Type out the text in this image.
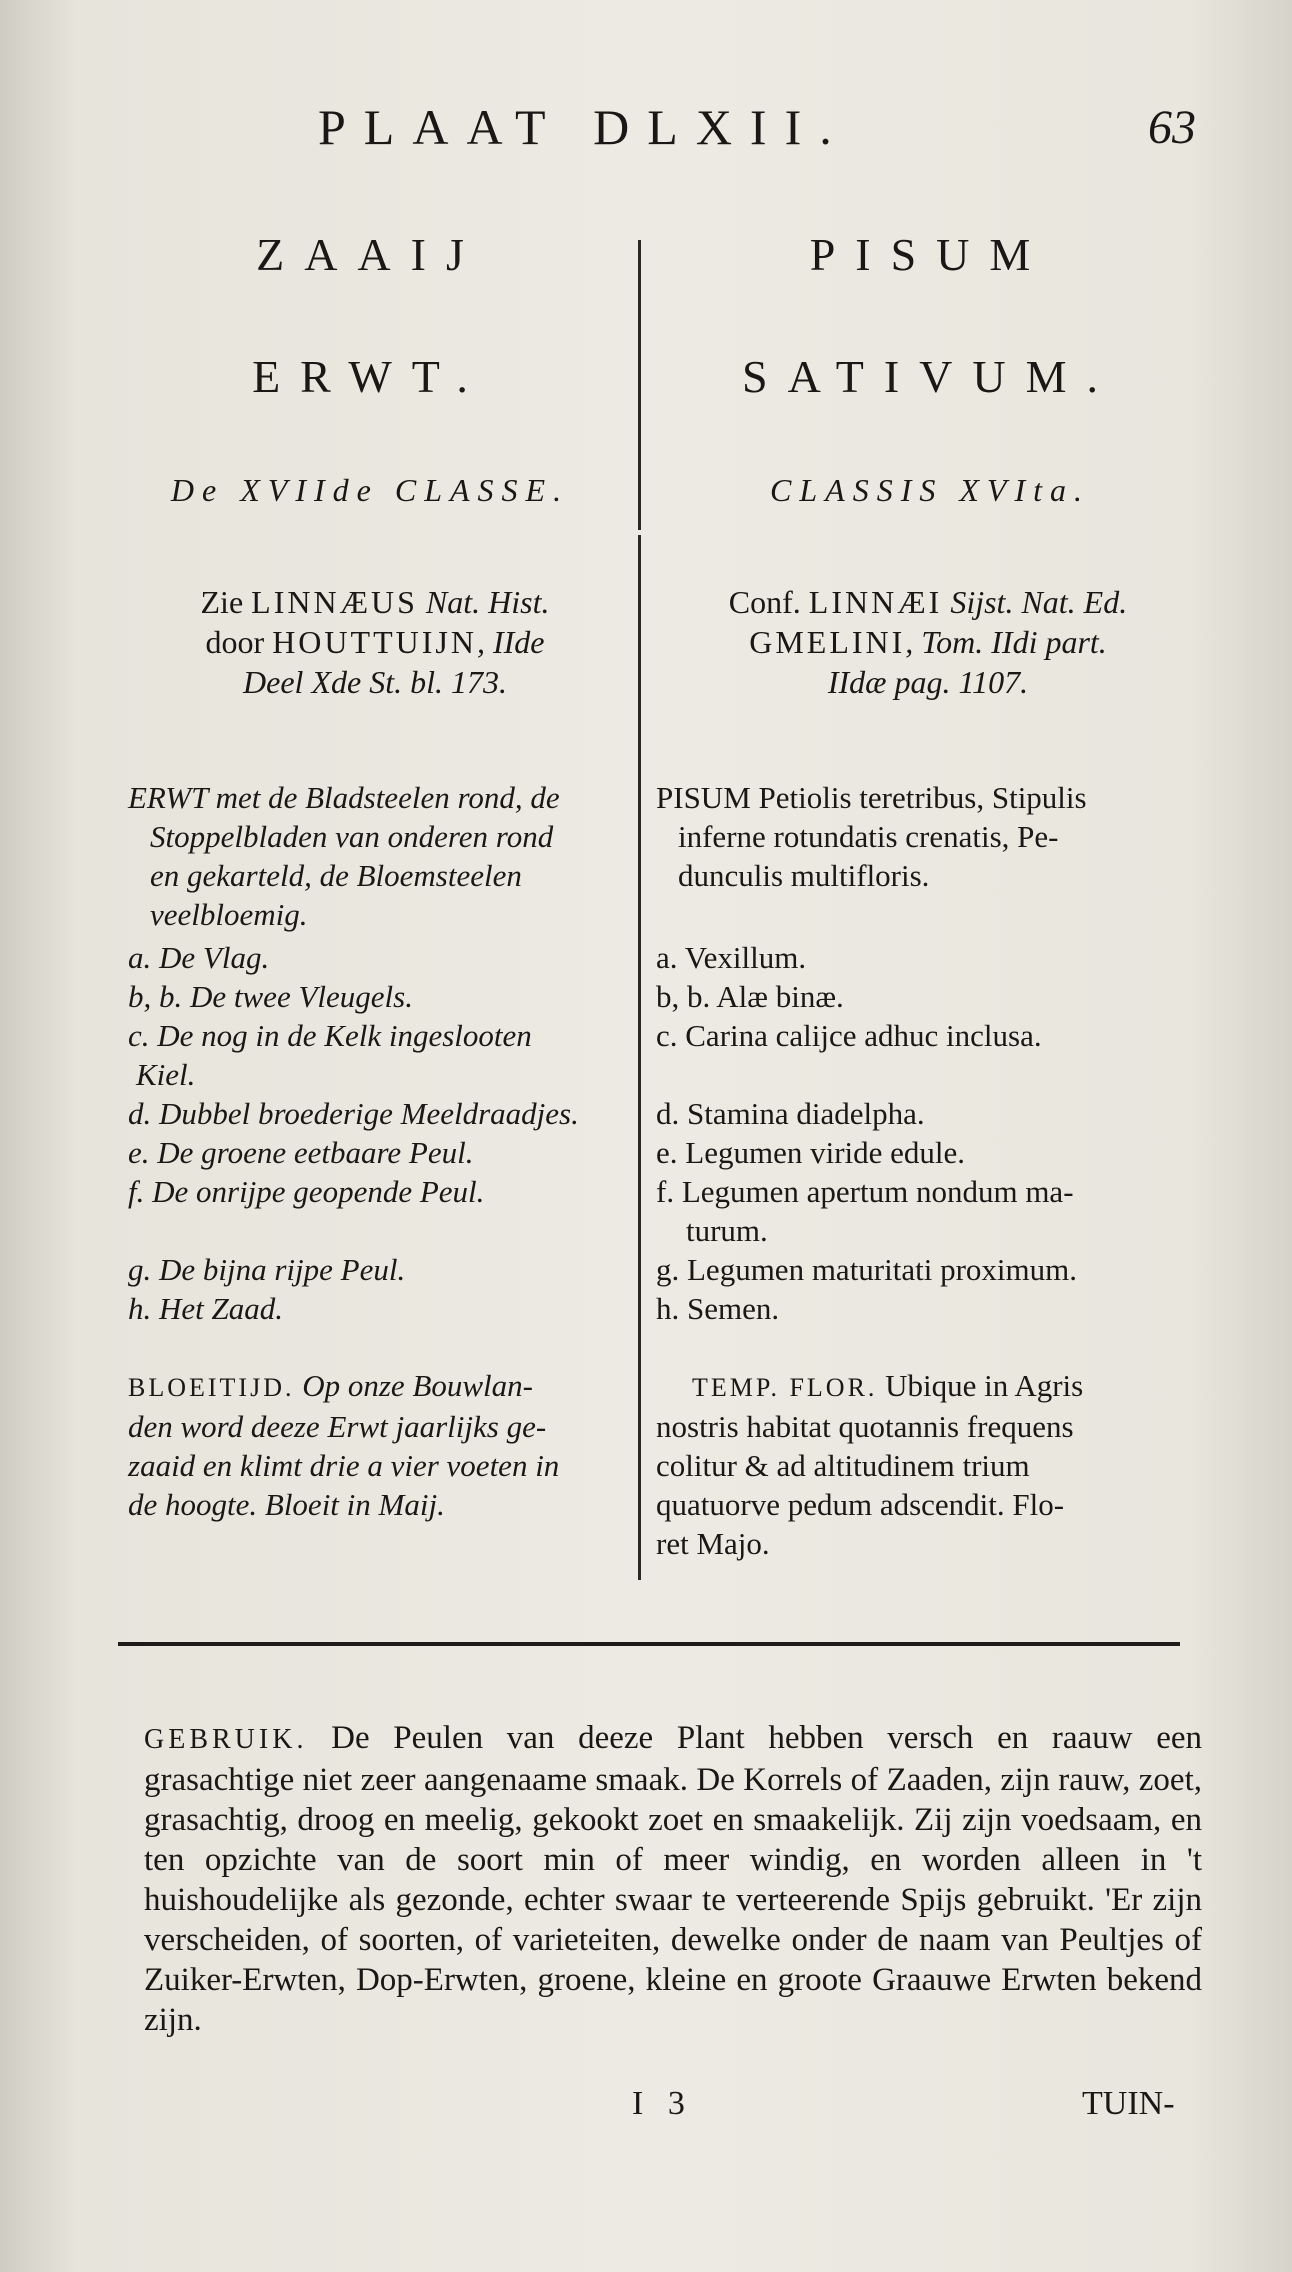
PLAAT DLXII.	63
ZAAIJ
ERWT.
De XVIIde CLASSE.
PISUM
SATIVUM.
CLASSIS XVIta.
Zie LINNÆUS Nat. Hist.
door HOUTTUIJN, IIde
Deel Xde St. bl. 173.
Conf. LINNÆI Sijst. Nat. Ed.
GMELINI, Tom. IIdi part.
IIdæ pag. 1107.
ERWT met de Bladsteelen rond, de
Stoppelbladen van onderen rond
en gekarteld, de Bloemsteelen
veelbloemig.
PISUM Petiolis teretribus, Stipulis
inferne rotundatis crenatis, Pe-
dunculis multifloris.
a. De Vlag.
b, b. De twee Vleugels.
c. De nog in de Kelk ingeslooten
Kiel.
d. Dubbel broederige Meeldraadjes.
e. De groene eetbaare Peul.
f. De onrijpe geopende Peul.
g. De bijna rijpe Peul.
h. Het Zaad.
a. Vexillum.
b, b. Alæ binæ.
c. Carina calijce adhuc inclusa.
d. Stamina diadelpha.
e. Legumen viride edule.
f. Legumen apertum nondum ma-
turum.
g. Legumen maturitati proximum.
h. Semen.
BLOEITIJD. Op onze Bouwlan-
den word deeze Erwt jaarlijks ge-
zaaid en klimt drie a vier voeten in
de hoogte. Bloeit in Maij.
TEMP. FLOR. Ubique in Agris
nostris habitat quotannis frequens
colitur & ad altitudinem trium
quatuorve pedum adscendit. Flo-
ret Majo.
GEBRUIK. De Peulen van deeze Plant hebben versch en raauw een grasachtige niet zeer aangenaame smaak. De Korrels of Zaaden, zijn rauw, zoet, grasachtig, droog en meelig, gekookt zoet en smaakelijk. Zij zijn voedsaam, en ten opzichte van de soort min of meer windig, en worden alleen in 't huishoudelijke als gezonde, echter swaar te verteerende Spijs gebruikt. 'Er zijn verscheiden, of soorten, of varieteiten, dewelke onder de naam van Peultjes of Zuiker-Erwten, Dop-Erwten, groene, kleine en groote Graauwe Erwten bekend zijn.
I 3	TUIN-
